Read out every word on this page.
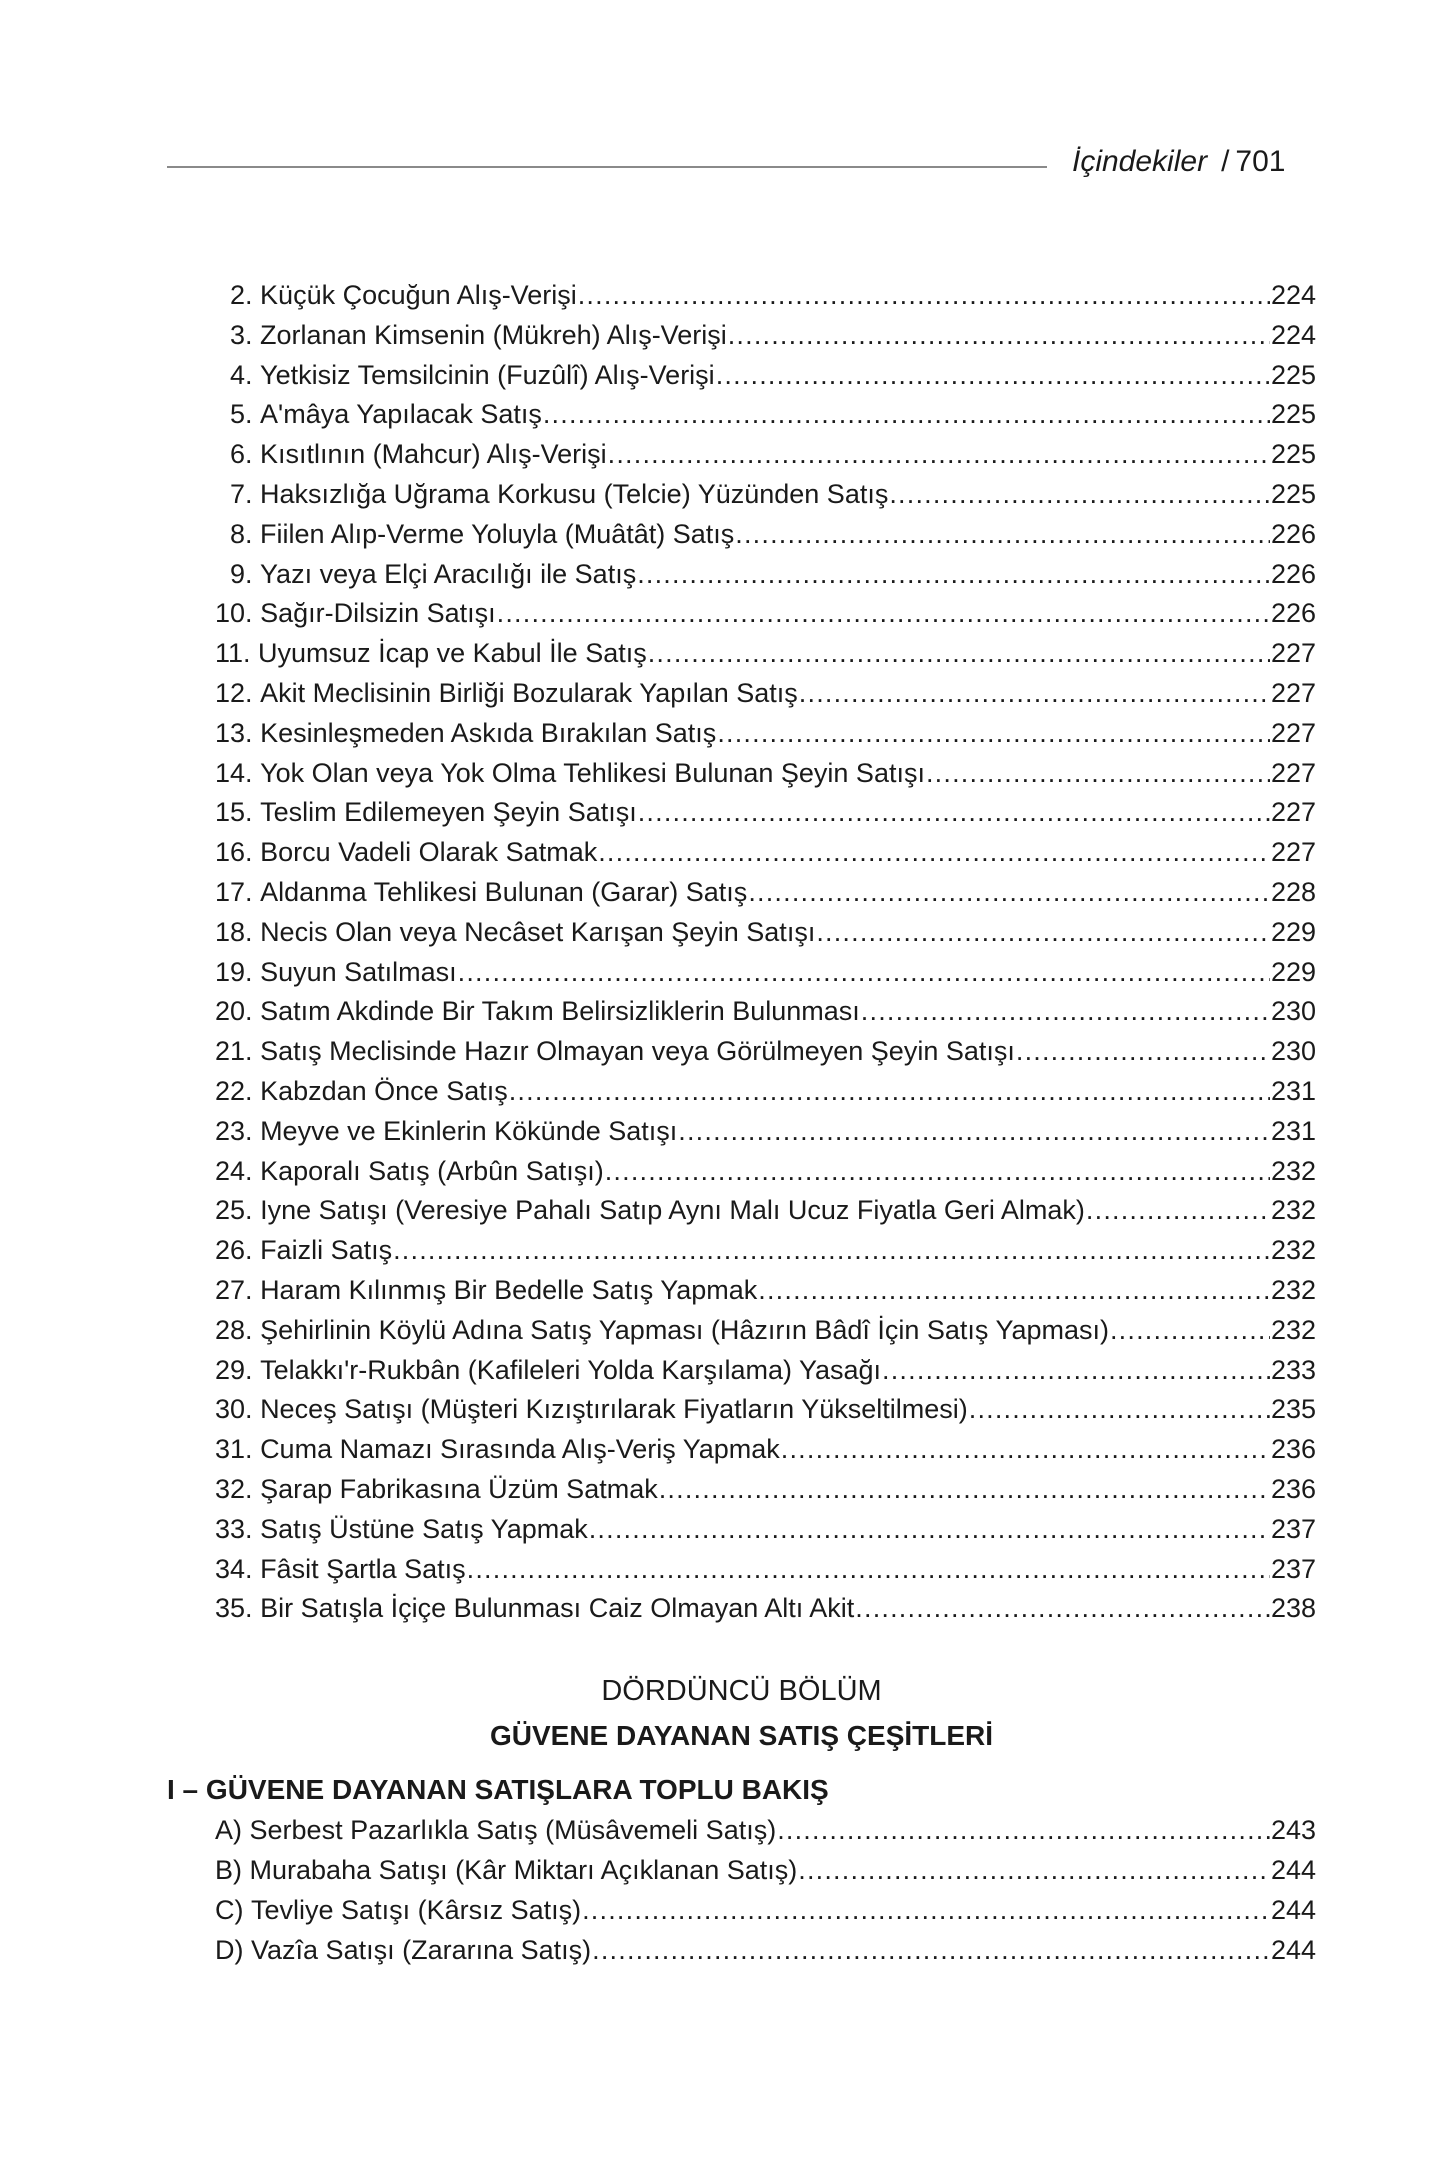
İçindekiler / 701
2. Küçük Çocuğun Alış-Verişi .....	224
3. Zorlanan Kimsenin (Mükreh) Alış-Verişi .....	224
4. Yetkisiz Temsilcinin (Fuzûlî) Alış-Verişi .....	225
5. A'mâya Yapılacak Satış .....	225
6. Kısıtlının (Mahcur) Alış-Verişi .....	225
7. Haksızlığa Uğrama Korkusu (Telcie) Yüzünden Satış .....	225
8. Fiilen Alıp-Verme Yoluyla (Muâtât) Satış .....	226
9. Yazı veya Elçi Aracılığı ile Satış .....	226
10. Sağır-Dilsizin Satışı .....	226
11. Uyumsuz İcap ve Kabul İle Satış .....	227
12. Akit Meclisinin Birliği Bozularak Yapılan Satış .....	227
13. Kesinleşmeden Askıda Bırakılan Satış .....	227
14. Yok Olan veya Yok Olma Tehlikesi Bulunan Şeyin Satışı .....	227
15. Teslim Edilemeyen Şeyin Satışı .....	227
16. Borcu Vadeli Olarak Satmak .....	227
17. Aldanma Tehlikesi Bulunan (Garar) Satış .....	228
18. Necis Olan veya Necâset Karışan Şeyin Satışı .....	229
19. Suyun Satılması .....	229
20. Satım Akdinde Bir Takım Belirsizliklerin Bulunması .....	230
21. Satış Meclisinde Hazır Olmayan veya Görülmeyen Şeyin Satışı .....	230
22. Kabzdan Önce Satış .....	231
23. Meyve ve Ekinlerin Kökünde Satışı .....	231
24. Kaporalı Satış (Arbûn Satışı) .....	232
25. Iyne Satışı (Veresiye Pahalı Satıp Aynı Malı Ucuz Fiyatla Geri Almak) .....	232
26. Faizli Satış .....	232
27. Haram Kılınmış Bir Bedelle Satış Yapmak .....	232
28. Şehirlinin Köylü Adına Satış Yapması (Hâzırın Bâdî İçin Satış Yapması) .....	232
29. Telakkı'r-Rukbân (Kafileleri Yolda Karşılama) Yasağı .....	233
30. Neceş Satışı (Müşteri Kızıştırılarak Fiyatların Yükseltilmesi) .....	235
31. Cuma Namazı Sırasında Alış-Veriş Yapmak .....	236
32. Şarap Fabrikasına Üzüm Satmak .....	236
33. Satış Üstüne Satış Yapmak .....	237
34. Fâsit Şartla Satış .....	237
35. Bir Satışla İçiçe Bulunması Caiz Olmayan Altı Akit .....	238
DÖRDÜNCÜ BÖLÜM
GÜVENE DAYANAN SATIŞ ÇEŞİTLERİ
I – GÜVENE DAYANAN SATIŞLARA TOPLU BAKIŞ
A) Serbest Pazarlıkla Satış (Müsâvemeli Satış) .....	243
B) Murabaha Satışı (Kâr Miktarı Açıklanan Satış) .....	244
C) Tevliye Satışı (Kârsız Satış) .....	244
D) Vazîa Satışı (Zararına Satış) .....	244
